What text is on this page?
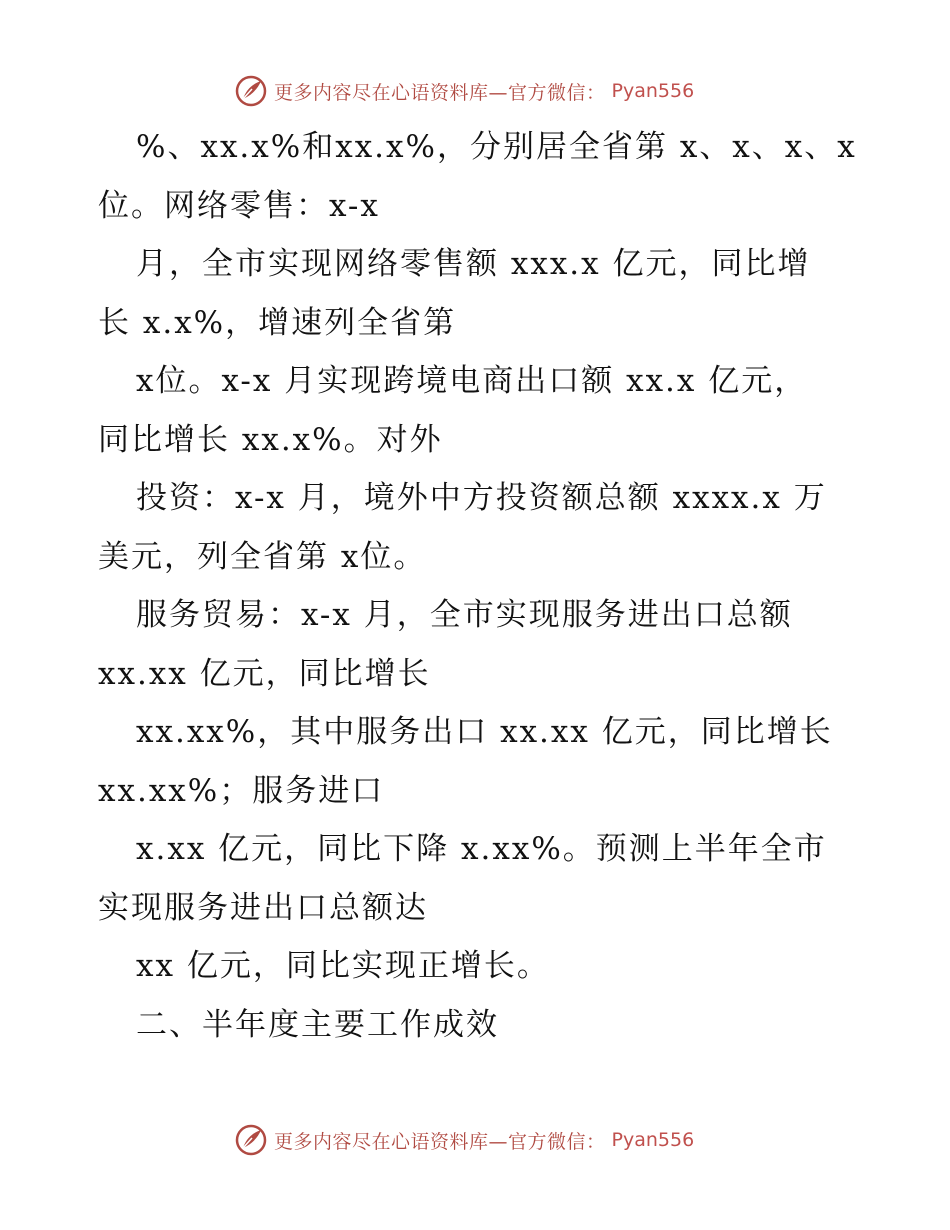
更多内容尽在心语资料库—官方微信： Pyan556
%、xx.x%和xx.x%，分别居全省第 x、x、x、x
位。网络零售：x-x
月，全市实现网络零售额 xxx.x 亿元，同比增
长 x.x%，增速列全省第
x位。x-x 月实现跨境电商出口额 xx.x 亿元，
同比增长 xx.x%。对外
投资：x-x 月，境外中方投资额总额 xxxx.x 万
美元，列全省第 x位。
服务贸易：x-x 月，全市实现服务进出口总额
xx.xx 亿元，同比增长
xx.xx%，其中服务出口 xx.xx 亿元，同比增长
xx.xx%；服务进口
x.xx 亿元，同比下降 x.xx%。预测上半年全市
实现服务进出口总额达
xx 亿元，同比实现正增长。
二、半年度主要工作成效
更多内容尽在心语资料库—官方微信： Pyan556
